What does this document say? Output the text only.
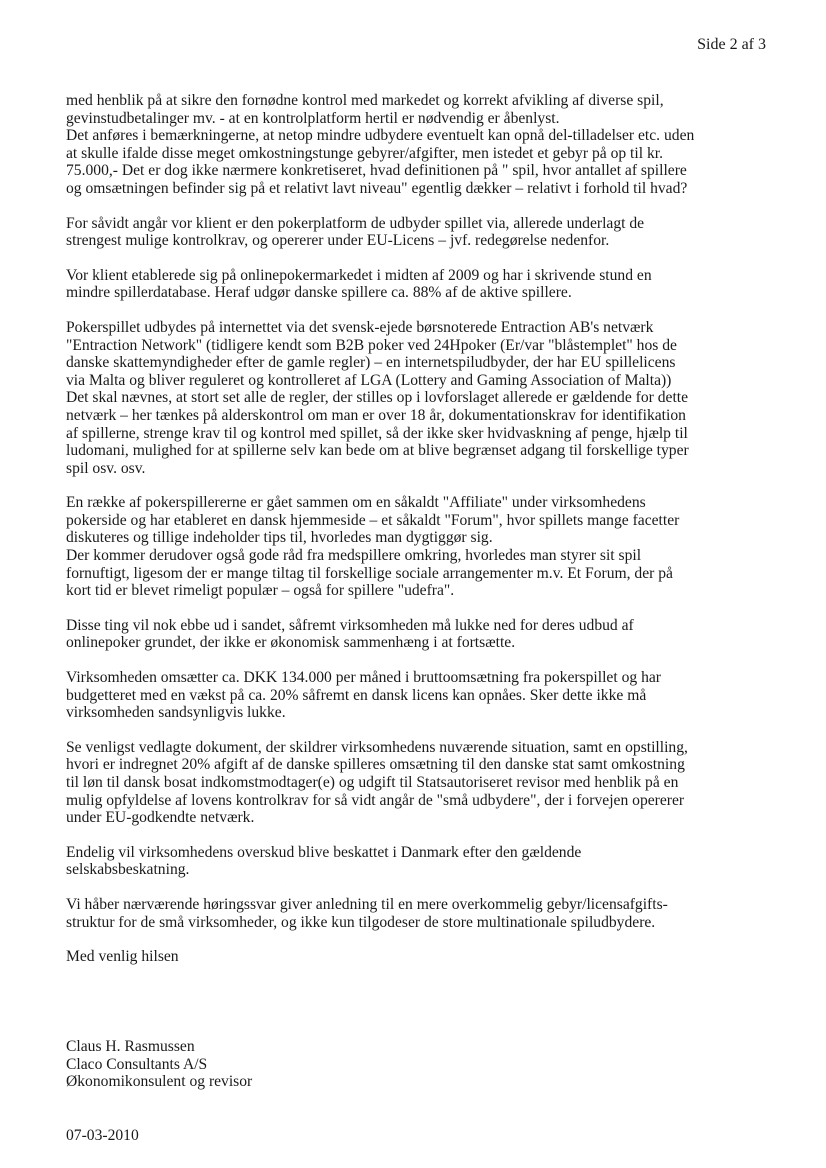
Side 2 af 3

med henblik på at sikre den fornødne kontrol med markedet og korrekt afvikling af diverse spil,
gevinstudbetalinger mv. - at en kontrolplatform hertil er nødvendig er åbenlyst.
Det anføres i bemærkningerne, at netop mindre udbydere eventuelt kan opnå del-tilladelser etc. uden
at skulle ifalde disse meget omkostningstunge gebyrer/afgifter, men istedet et gebyr på op til kr.
75.000,- Det er dog ikke nærmere konkretiseret, hvad definitionen på " spil, hvor antallet af spillere
og omsætningen befinder sig på et relativt lavt niveau" egentlig dækker – relativt i forhold til hvad?

For såvidt angår vor klient er den pokerplatform de udbyder spillet via, allerede underlagt de
strengest mulige kontrolkrav, og opererer under EU-Licens – jvf. redegørelse nedenfor.

Vor klient etablerede sig på onlinepokermarkedet i midten af 2009 og har i skrivende stund en
mindre spillerdatabase. Heraf udgør danske spillere ca. 88% af de aktive spillere.

Pokerspillet udbydes på internettet via det svensk-ejede børsnoterede Entraction AB's netværk
"Entraction Network" (tidligere kendt som B2B poker ved 24Hpoker (Er/var "blåstemplet" hos de
danske skattemyndigheder efter de gamle regler) – en internetspiludbyder, der har EU spillelicens
via Malta og bliver reguleret og kontrolleret af LGA (Lottery and Gaming Association of Malta))
Det skal nævnes, at stort set alle de regler, der stilles op i lovforslaget allerede er gældende for dette
netværk – her tænkes på alderskontrol om man er over 18 år, dokumentationskrav for identifikation
af spillerne, strenge krav til og kontrol med spillet, så der ikke sker hvidvaskning af penge, hjælp til
ludomani, mulighed for at spillerne selv kan bede om at blive begrænset adgang til forskellige typer
spil osv. osv.

En række af pokerspillererne er gået sammen om en såkaldt "Affiliate" under virksomhedens
pokerside og har etableret en dansk hjemmeside – et såkaldt "Forum", hvor spillets mange facetter
diskuteres og tillige indeholder tips til, hvorledes man dygtiggør sig.
Der kommer derudover også gode råd fra medspillere omkring, hvorledes man styrer sit spil
fornuftigt, ligesom der er mange tiltag til forskellige sociale arrangementer m.v. Et Forum, der på
kort tid er blevet rimeligt populær – også for spillere "udefra".

Disse ting vil nok ebbe ud i sandet, såfremt virksomheden må lukke ned for deres udbud af
onlinepoker grundet, der ikke er økonomisk sammenhæng i at fortsætte.

Virksomheden omsætter ca. DKK 134.000 per måned i bruttoomsætning fra pokerspillet og har
budgetteret med en vækst på ca. 20% såfremt en dansk licens kan opnåes. Sker dette ikke må
virksomheden sandsynligvis lukke.

Se venligst vedlagte dokument, der skildrer virksomhedens nuværende situation, samt en opstilling,
hvori er indregnet 20% afgift af de danske spilleres omsætning til den danske stat samt omkostning
til løn til dansk bosat indkomstmodtager(e) og udgift til Statsautoriseret revisor med henblik på en
mulig opfyldelse af lovens kontrolkrav for så vidt angår de "små udbydere", der i forvejen opererer
under EU-godkendte netværk.

Endelig vil virksomhedens overskud blive beskattet i Danmark efter den gældende
selskabsbeskatning.

Vi håber nærværende høringssvar giver anledning til en mere overkommelig gebyr/licensafgifts-
struktur for de små virksomheder, og ikke kun tilgodeser de store multinationale spiludbydere.

Med venlig hilsen

Claus H. Rasmussen
Claco Consultants A/S
Økonomikonsulent og revisor
07-03-2010
